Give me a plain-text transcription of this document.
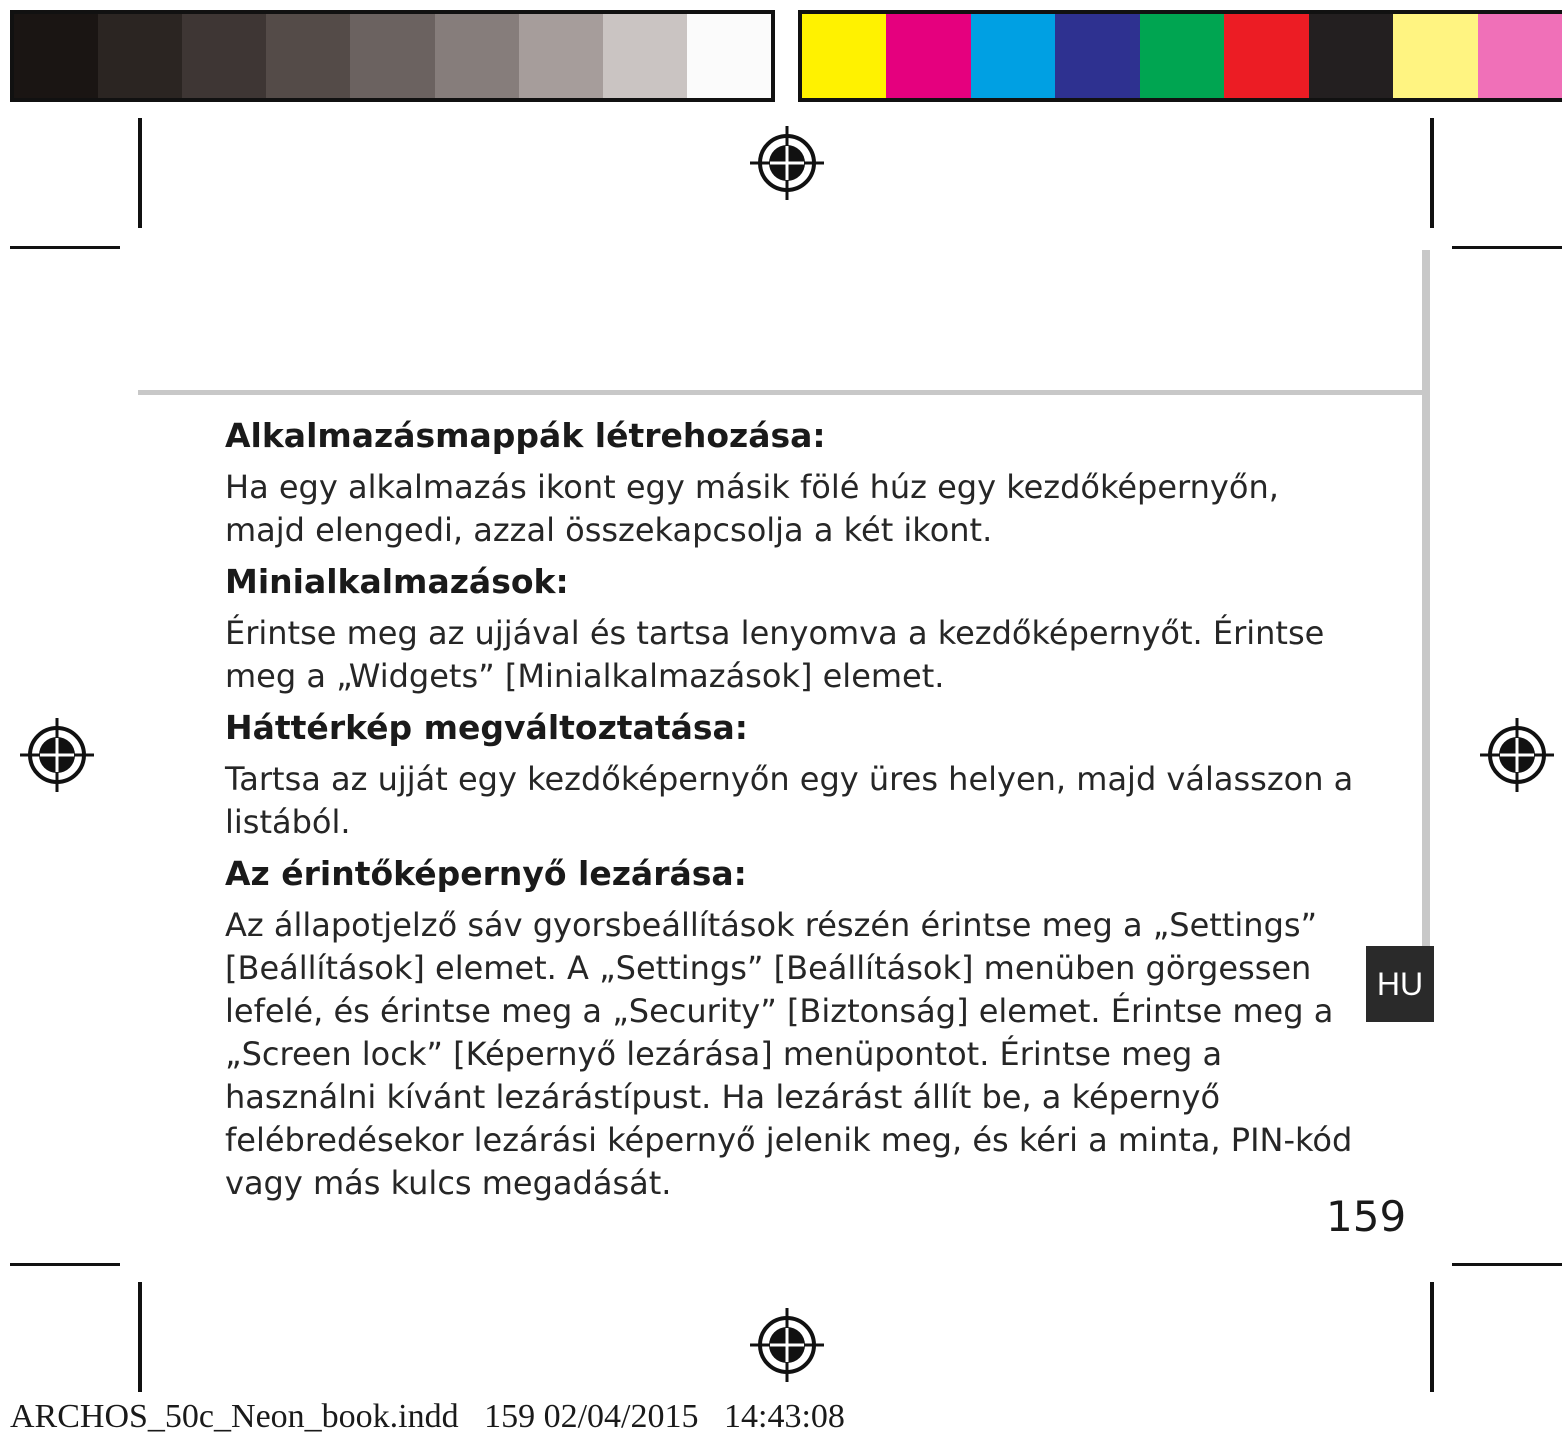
Alkalmazásmappák létrehozása:

Ha egy alkalmazás ikont egy másik fölé húz egy kezdőképernyőn, majd elengedi, azzal összekapcsolja a két ikont.

Minialkalmazások:

Érintse meg az ujjával és tartsa lenyomva a kezdőképernyőt. Érintse meg a „Widgets” [Minialkalmazások] elemet.

Háttérkép megváltoztatása:

Tartsa az ujját egy kezdőképernyőn egy üres helyen, majd válasszon a listából.

Az érintőképernyő lezárása:

Az állapotjelző sáv gyorsbeállítások részén érintse meg a „Settings” [Beállítások] elemet. A „Settings” [Beállítások] menüben görgessen lefelé, és érintse meg a „Security” [Biztonság] elemet. Érintse meg a „Screen lock” [Képernyő lezárása] menüpontot. Érintse meg a használni kívánt lezárástípust. Ha lezárást állít be, a képernyő felébredésekor lezárási képernyő jelenik meg, és kéri a minta, PIN-kód vagy más kulcs megadását.

HU
159
ARCHOS_50c_Neon_book.indd   159 02/04/2015   14:43:08
